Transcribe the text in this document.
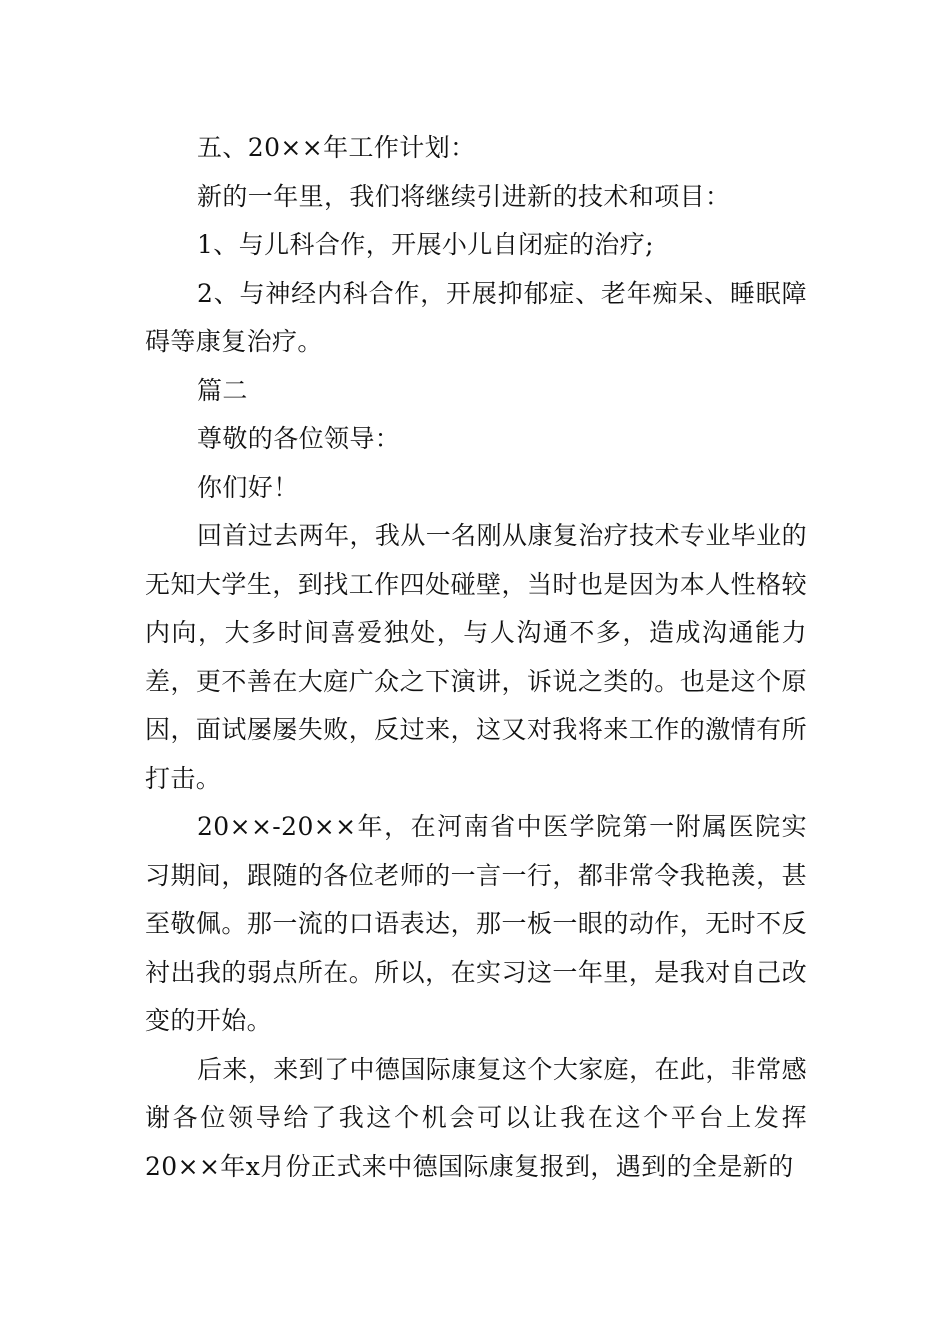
五、20××年工作计划：

新的一年里，我们将继续引进新的技术和项目：

1、与儿科合作，开展小儿自闭症的治疗;

2、与神经内科合作，开展抑郁症、老年痴呆、睡眠障碍等康复治疗。

篇二

尊敬的各位领导：

你们好！

回首过去两年，我从一名刚从康复治疗技术专业毕业的无知大学生，到找工作四处碰壁，当时也是因为本人性格较内向，大多时间喜爱独处，与人沟通不多，造成沟通能力差，更不善在大庭广众之下演讲，诉说之类的。也是这个原因，面试屡屡失败，反过来，这又对我将来工作的激情有所打击。

20××-20××年，在河南省中医学院第一附属医院实习期间，跟随的各位老师的一言一行，都非常令我艳羡，甚至敬佩。那一流的口语表达，那一板一眼的动作，无时不反衬出我的弱点所在。所以，在实习这一年里，是我对自己改变的开始。

后来，来到了中德国际康复这个大家庭，在此，非常感谢各位领导给了我这个机会可以让我在这个平台上发挥20××年x月份正式来中德国际康复报到，遇到的全是新的
